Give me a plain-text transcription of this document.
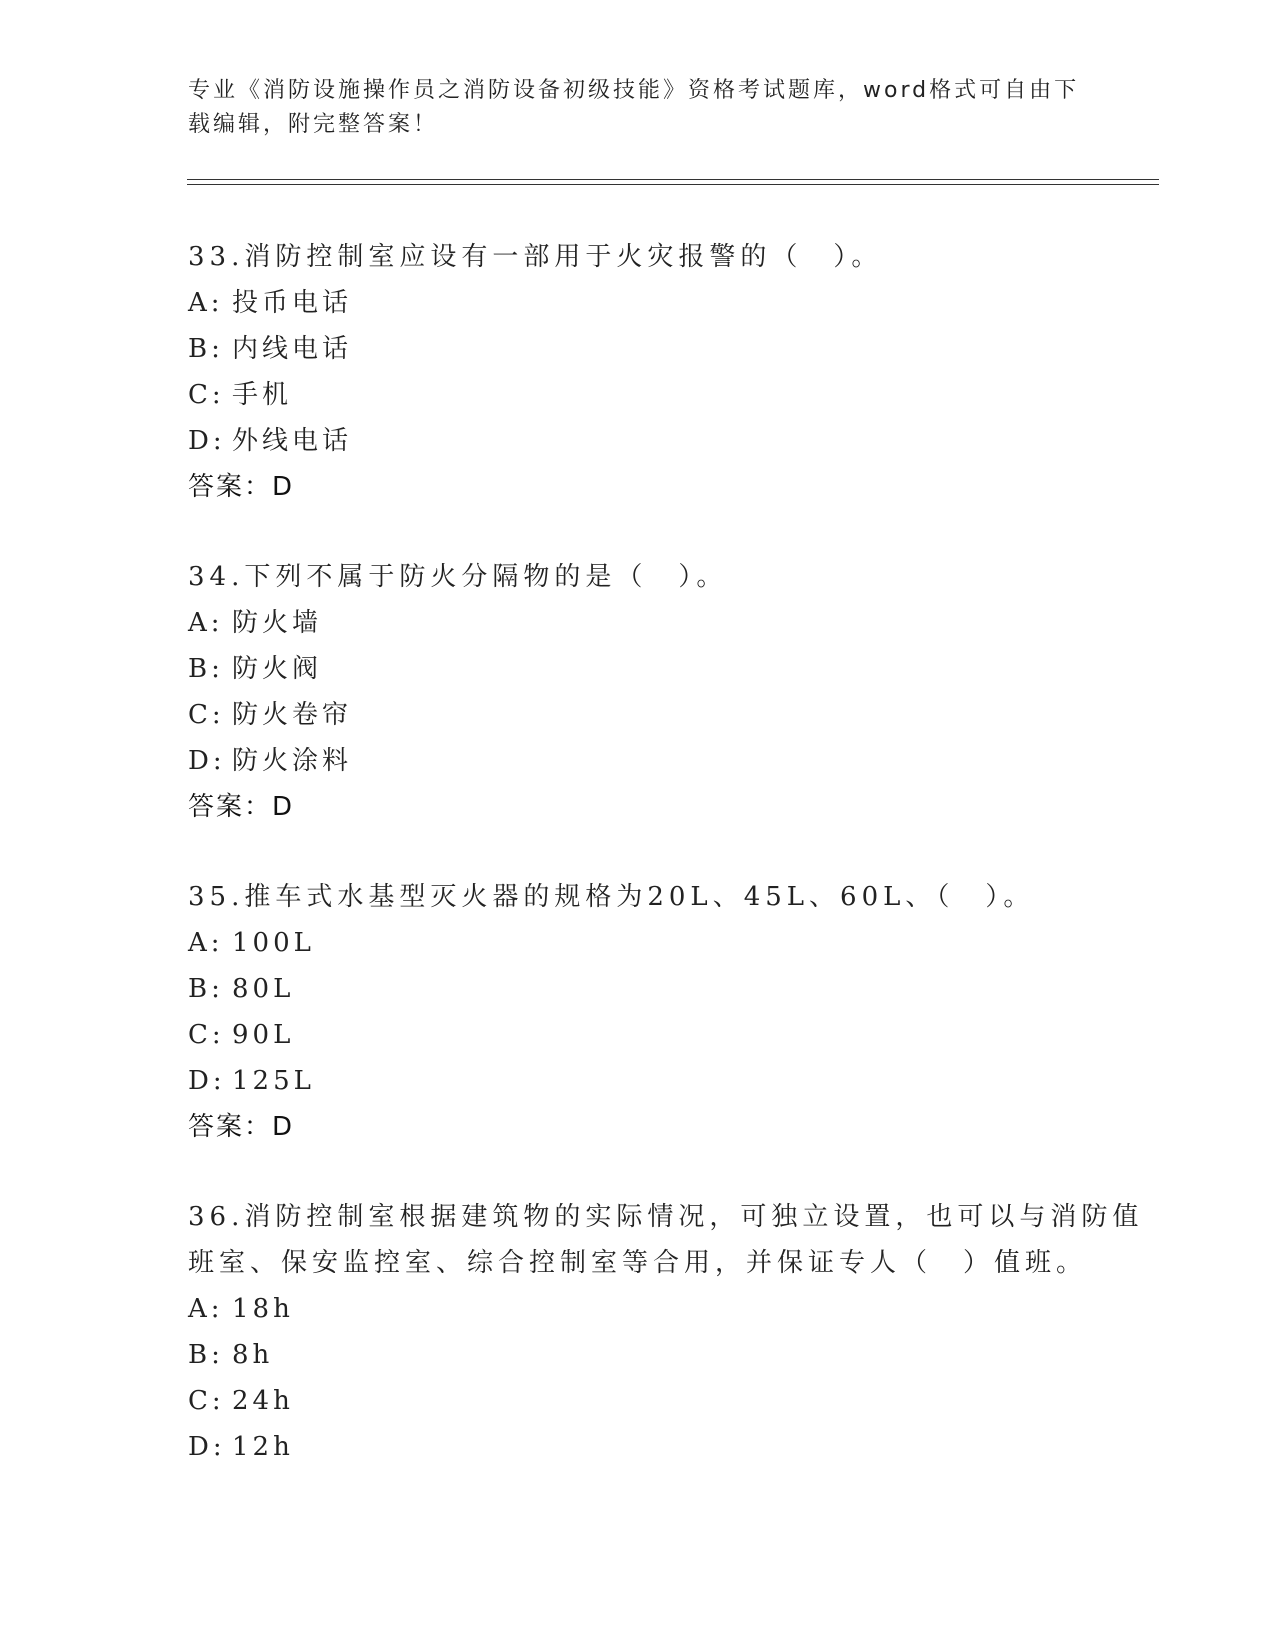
专业《消防设施操作员之消防设备初级技能》资格考试题库，word格式可自由下
载编辑，附完整答案！
33.消防控制室应设有一部用于火灾报警的（　）。
A: 投币电话
B: 内线电话
C: 手机
D: 外线电话
答案：D
34.下列不属于防火分隔物的是（　）。
A: 防火墙
B: 防火阀
C: 防火卷帘
D: 防火涂料
答案：D
35.推车式水基型灭火器的规格为20L、45L、60L、（　）。
A: 100L
B: 80L
C: 90L
D: 125L
答案：D
36.消防控制室根据建筑物的实际情况，可独立设置，也可以与消防值
班室、保安监控室、综合控制室等合用，并保证专人（　）值班。
A: 18h
B: 8h
C: 24h
D: 12h
